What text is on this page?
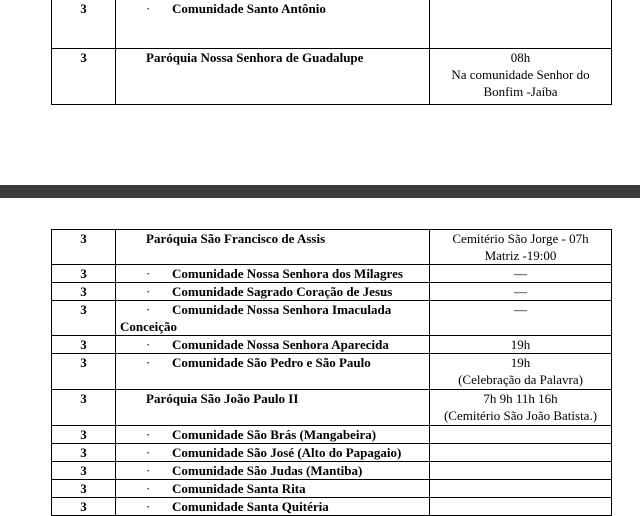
3	· Comunidade Santo Antônio	
3	Paróquia Nossa Senhora de Guadalupe	08h
Na comunidade Senhor do
Bonfim -Jaíba
3	Paróquia São Francisco de Assis	Cemitério São Jorge - 07h
Matriz -19:00

3	· Comunidade Nossa Senhora dos Milagres	—
3	· Comunidade Sagrado Coração de Jesus	—
3	· Comunidade Nossa Senhora Imaculada
Conceição	—
3	· Comunidade Nossa Senhora Aparecida	19h
3	· Comunidade São Pedro e São Paulo	19h
(Celebração da Palavra)

3	Paróquia São João Paulo II	7h 9h 11h 16h
(Cemitério São João Batista.)

3	· Comunidade São Brás (Mangabeira)	
3	· Comunidade São José (Alto do Papagaio)	
3	· Comunidade São Judas (Mantiba)	
3	· Comunidade Santa Rita	
3	· Comunidade Santa Quitéria	
